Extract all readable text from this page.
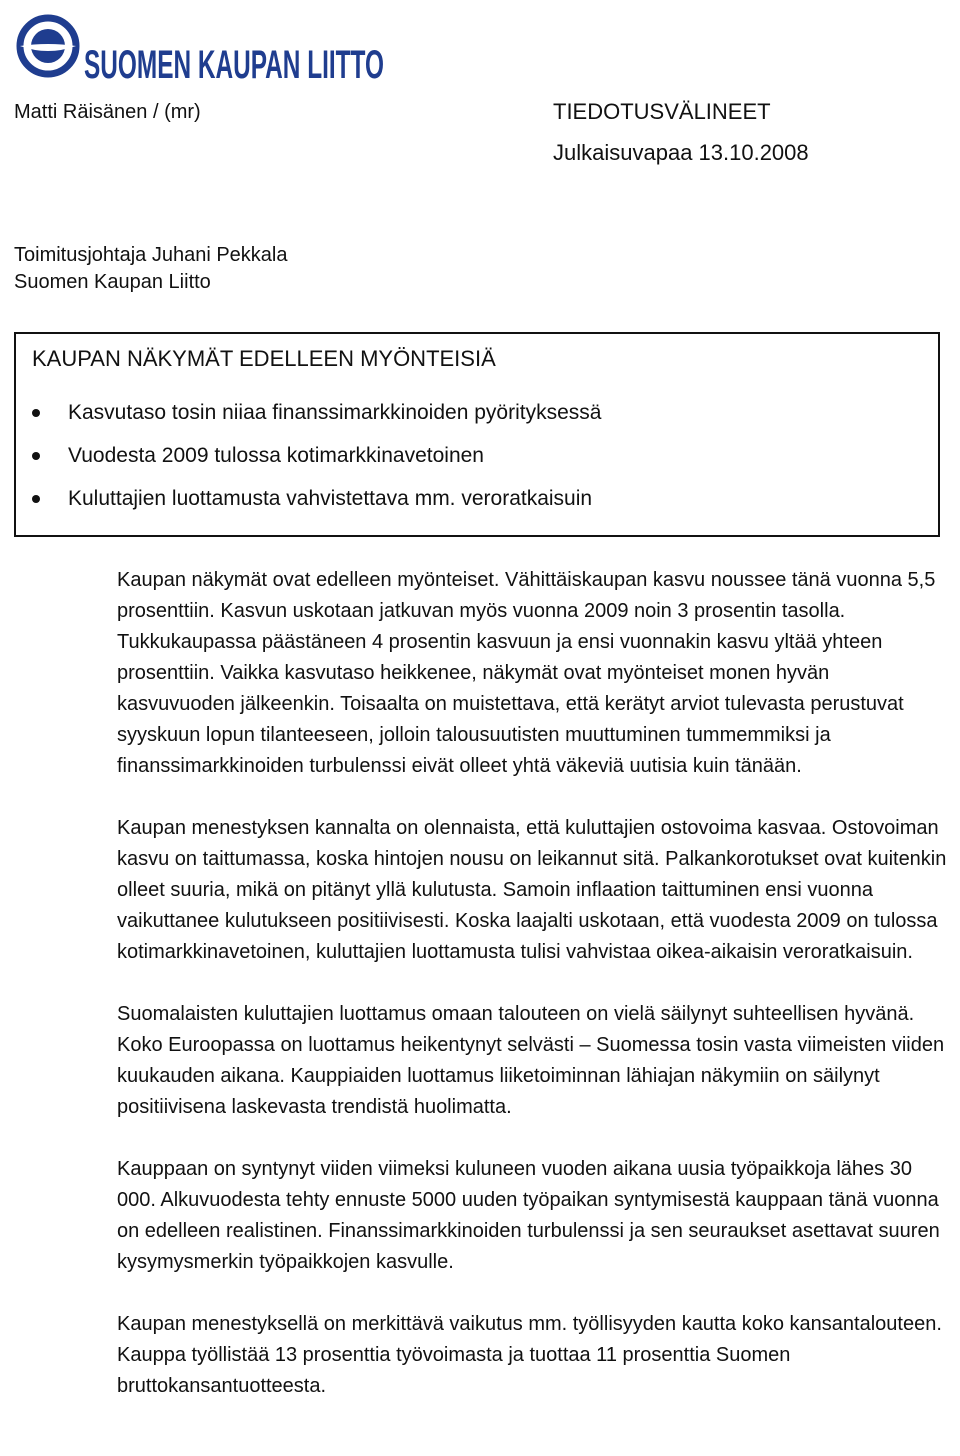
SUOMEN KAUPAN LIITTO
Matti Räisänen / (mr)	TIEDOTUSVÄLINEET
Julkaisuvapaa 13.10.2008
Toimitusjohtaja Juhani Pekkala
Suomen Kaupan Liitto
KAUPAN NÄKYMÄT EDELLEEN MYÖNTEISIÄ
Kasvutaso tosin niiaa finanssimarkkinoiden pyörityksessä
Vuodesta 2009 tulossa kotimarkkinavetoinen
Kuluttajien luottamusta vahvistettava mm. veroratkaisuin

Kaupan näkymät ovat edelleen myönteiset. Vähittäiskaupan kasvu noussee tänä vuonna 5,5 prosenttiin. Kasvun uskotaan jatkuvan myös vuonna 2009 noin 3 prosentin tasolla. Tukkukaupassa päästäneen 4 prosentin kasvuun ja ensi vuonnakin kasvu yltää yhteen prosenttiin. Vaikka kasvutaso heikkenee, näkymät ovat myönteiset monen hyvän kasvuvuoden jälkeenkin. Toisaalta on muistettava, että kerätyt arviot tulevasta perustuvat syyskuun lopun tilanteeseen, jolloin talousuutisten muuttuminen tummemmiksi ja finanssimarkkinoiden turbulenssi eivät olleet yhtä väkeviä uutisia kuin tänään.

Kaupan menestyksen kannalta on olennaista, että kuluttajien ostovoima kasvaa. Ostovoiman kasvu on taittumassa, koska hintojen nousu on leikannut sitä. Palkankorotukset ovat kuitenkin olleet suuria, mikä on pitänyt yllä kulutusta. Samoin inflaation taittuminen ensi vuonna vaikuttanee kulutukseen positiivisesti. Koska laajalti uskotaan, että vuodesta 2009 on tulossa kotimarkkinavetoinen, kuluttajien luottamusta tulisi vahvistaa oikea-aikaisin veroratkaisuin.

Suomalaisten kuluttajien luottamus omaan talouteen on vielä säilynyt suhteellisen hyvänä. Koko Euroopassa on luottamus heikentynyt selvästi – Suomessa tosin vasta viimeisten viiden kuukauden aikana. Kauppiaiden luottamus liiketoiminnan lähiajan näkymiin on säilynyt positiivisena laskevasta trendistä huolimatta.

Kauppaan on syntynyt viiden viimeksi kuluneen vuoden aikana uusia työpaikkoja lähes 30 000. Alkuvuodesta tehty ennuste 5000 uuden työpaikan syntymisestä kauppaan tänä vuonna on edelleen realistinen. Finanssimarkkinoiden turbulenssi ja sen seuraukset asettavat suuren kysymysmerkin työpaikkojen kasvulle.

Kaupan menestyksellä on merkittävä vaikutus mm. työllisyyden kautta koko kansantalouteen. Kauppa työllistää 13 prosenttia työvoimasta ja tuottaa 11 prosenttia Suomen bruttokansantuotteesta.
